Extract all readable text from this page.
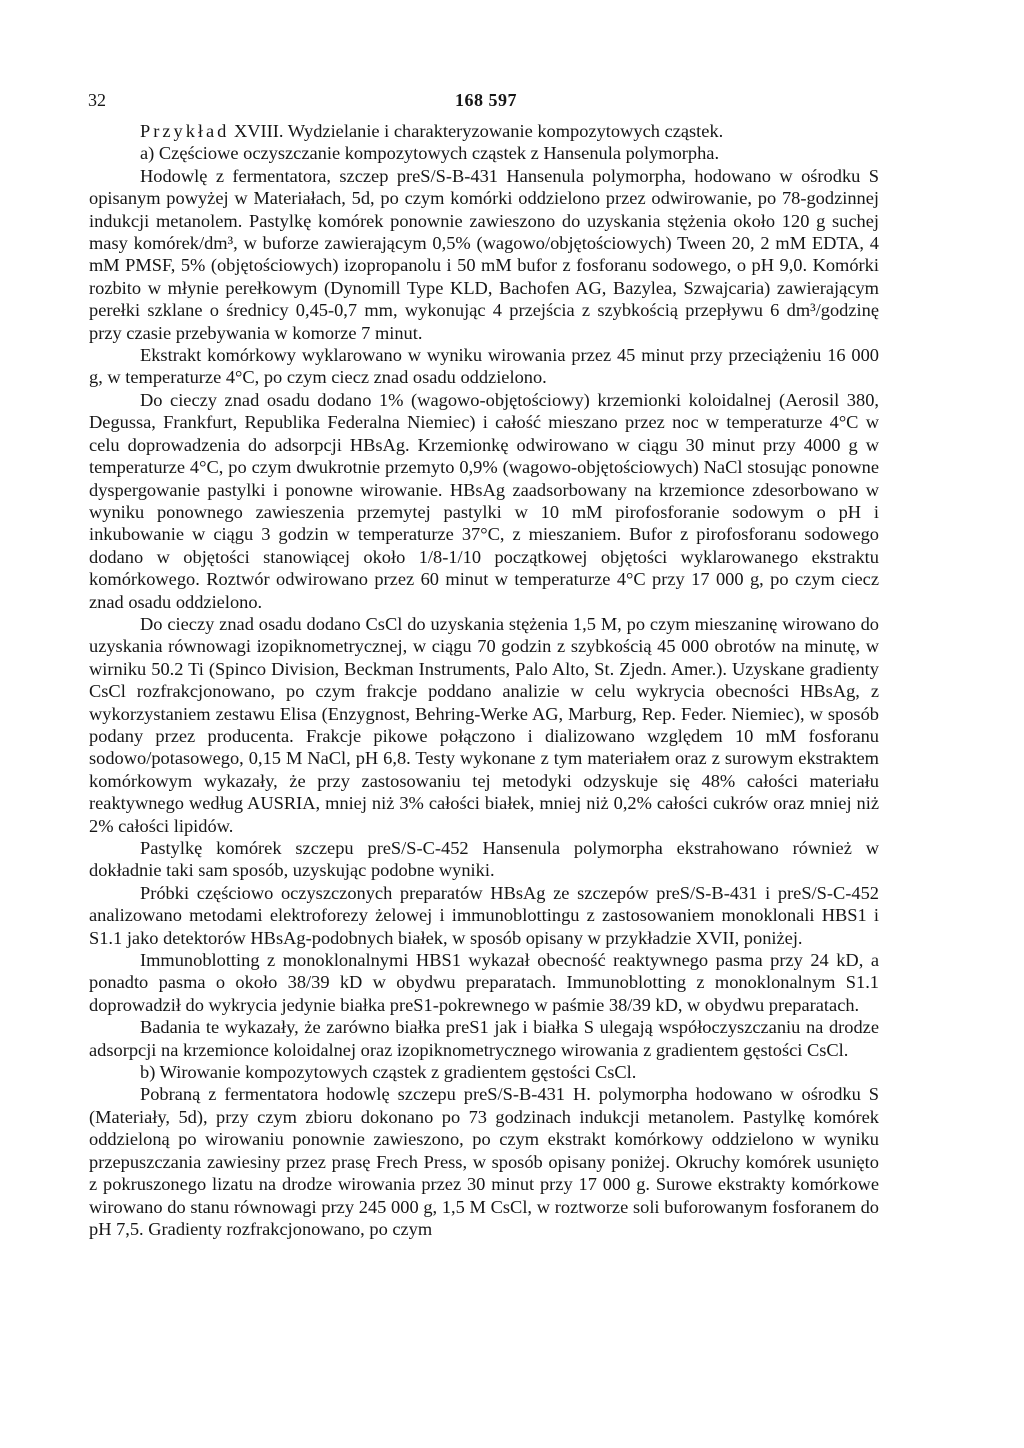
32	168 597

Przykład XVIII. Wydzielanie i charakteryzowanie kompozytowych cząstek.

a) Częściowe oczyszczanie kompozytowych cząstek z Hansenula polymorpha.

Hodowlę z fermentatora, szczep preS/S-B-431 Hansenula polymorpha, hodowano w ośrodku S opisanym powyżej w Materiałach, 5d, po czym komórki oddzielono przez odwirowanie, po 78-godzinnej indukcji metanolem. Pastylkę komórek ponownie zawieszono do uzyskania stężenia około 120 g suchej masy komórek/dm³, w buforze zawierającym 0,5% (wagowo/objętościowych) Tween 20, 2 mM EDTA, 4 mM PMSF, 5% (objętościowych) izopropanolu i 50 mM bufor z fosforanu sodowego, o pH 9,0. Komórki rozbito w młynie perełkowym (Dynomill Type KLD, Bachofen AG, Bazylea, Szwajcaria) zawierającym perełki szklane o średnicy 0,45-0,7 mm, wykonując 4 przejścia z szybkością przepływu 6 dm³/godzinę przy czasie przebywania w komorze 7 minut.

Ekstrakt komórkowy wyklarowano w wyniku wirowania przez 45 minut przy przeciążeniu 16 000 g, w temperaturze 4°C, po czym ciecz znad osadu oddzielono.

Do cieczy znad osadu dodano 1% (wagowo-objętościowy) krzemionki koloidalnej (Aerosil 380, Degussa, Frankfurt, Republika Federalna Niemiec) i całość mieszano przez noc w temperaturze 4°C w celu doprowadzenia do adsorpcji HBsAg. Krzemionkę odwirowano w ciągu 30 minut przy 4000 g w temperaturze 4°C, po czym dwukrotnie przemyto 0,9% (wagowo-objętościowych) NaCl stosując ponowne dyspergowanie pastylki i ponowne wirowanie. HBsAg zaadsorbowany na krzemionce zdesorbowano w wyniku ponownego zawieszenia przemytej pastylki w 10 mM pirofosforanie sodowym o pH i inkubowanie w ciągu 3 godzin w temperaturze 37°C, z mieszaniem. Bufor z pirofosforanu sodowego dodano w objętości stanowiącej około 1/8-1/10 początkowej objętości wyklarowanego ekstraktu komórkowego. Roztwór odwirowano przez 60 minut w temperaturze 4°C przy 17 000 g, po czym ciecz znad osadu oddzielono.

Do cieczy znad osadu dodano CsCl do uzyskania stężenia 1,5 M, po czym mieszaninę wirowano do uzyskania równowagi izopiknometrycznej, w ciągu 70 godzin z szybkością 45 000 obrotów na minutę, w wirniku 50.2 Ti (Spinco Division, Beckman Instruments, Palo Alto, St. Zjedn. Amer.). Uzyskane gradienty CsCl rozfrakcjonowano, po czym frakcje poddano analizie w celu wykrycia obecności HBsAg, z wykorzystaniem zestawu Elisa (Enzygnost, Behring-Werke AG, Marburg, Rep. Feder. Niemiec), w sposób podany przez producenta. Frakcje pikowe połączono i dializowano względem 10 mM fosforanu sodowo/potasowego, 0,15 M NaCl, pH 6,8. Testy wykonane z tym materiałem oraz z surowym ekstraktem komórkowym wykazały, że przy zastosowaniu tej metodyki odzyskuje się 48% całości materiału reaktywnego według AUSRIA, mniej niż 3% całości białek, mniej niż 0,2% całości cukrów oraz mniej niż 2% całości lipidów.

Pastylkę komórek szczepu preS/S-C-452 Hansenula polymorpha ekstrahowano również w dokładnie taki sam sposób, uzyskując podobne wyniki.

Próbki częściowo oczyszczonych preparatów HBsAg ze szczepów preS/S-B-431 i preS/S-C-452 analizowano metodami elektroforezy żelowej i immunoblottingu z zastosowaniem monoklonali HBS1 i S1.1 jako detektorów HBsAg-podobnych białek, w sposób opisany w przykładzie XVII, poniżej.

Immunoblotting z monoklonalnymi HBS1 wykazał obecność reaktywnego pasma przy 24 kD, a ponadto pasma o około 38/39 kD w obydwu preparatach. Immunoblotting z monoklonalnym S1.1 doprowadził do wykrycia jedynie białka preS1-pokrewnego w paśmie 38/39 kD, w obydwu preparatach.

Badania te wykazały, że zarówno białka preS1 jak i białka S ulegają współoczyszczaniu na drodze adsorpcji na krzemionce koloidalnej oraz izopiknometrycznego wirowania z gradientem gęstości CsCl.

b) Wirowanie kompozytowych cząstek z gradientem gęstości CsCl.

Pobraną z fermentatora hodowlę szczepu preS/S-B-431 H. polymorpha hodowano w ośrodku S (Materiały, 5d), przy czym zbioru dokonano po 73 godzinach indukcji metanolem. Pastylkę komórek oddzieloną po wirowaniu ponownie zawieszono, po czym ekstrakt komórkowy oddzielono w wyniku przepuszczania zawiesiny przez prasę Frech Press, w sposób opisany poniżej. Okruchy komórek usunięto z pokruszonego lizatu na drodze wirowania przez 30 minut przy 17 000 g. Surowe ekstrakty komórkowe wirowano do stanu równowagi przy 245 000 g, 1,5 M CsCl, w roztworze soli buforowanym fosforanem do pH 7,5. Gradienty rozfrakcjonowano, po czym
